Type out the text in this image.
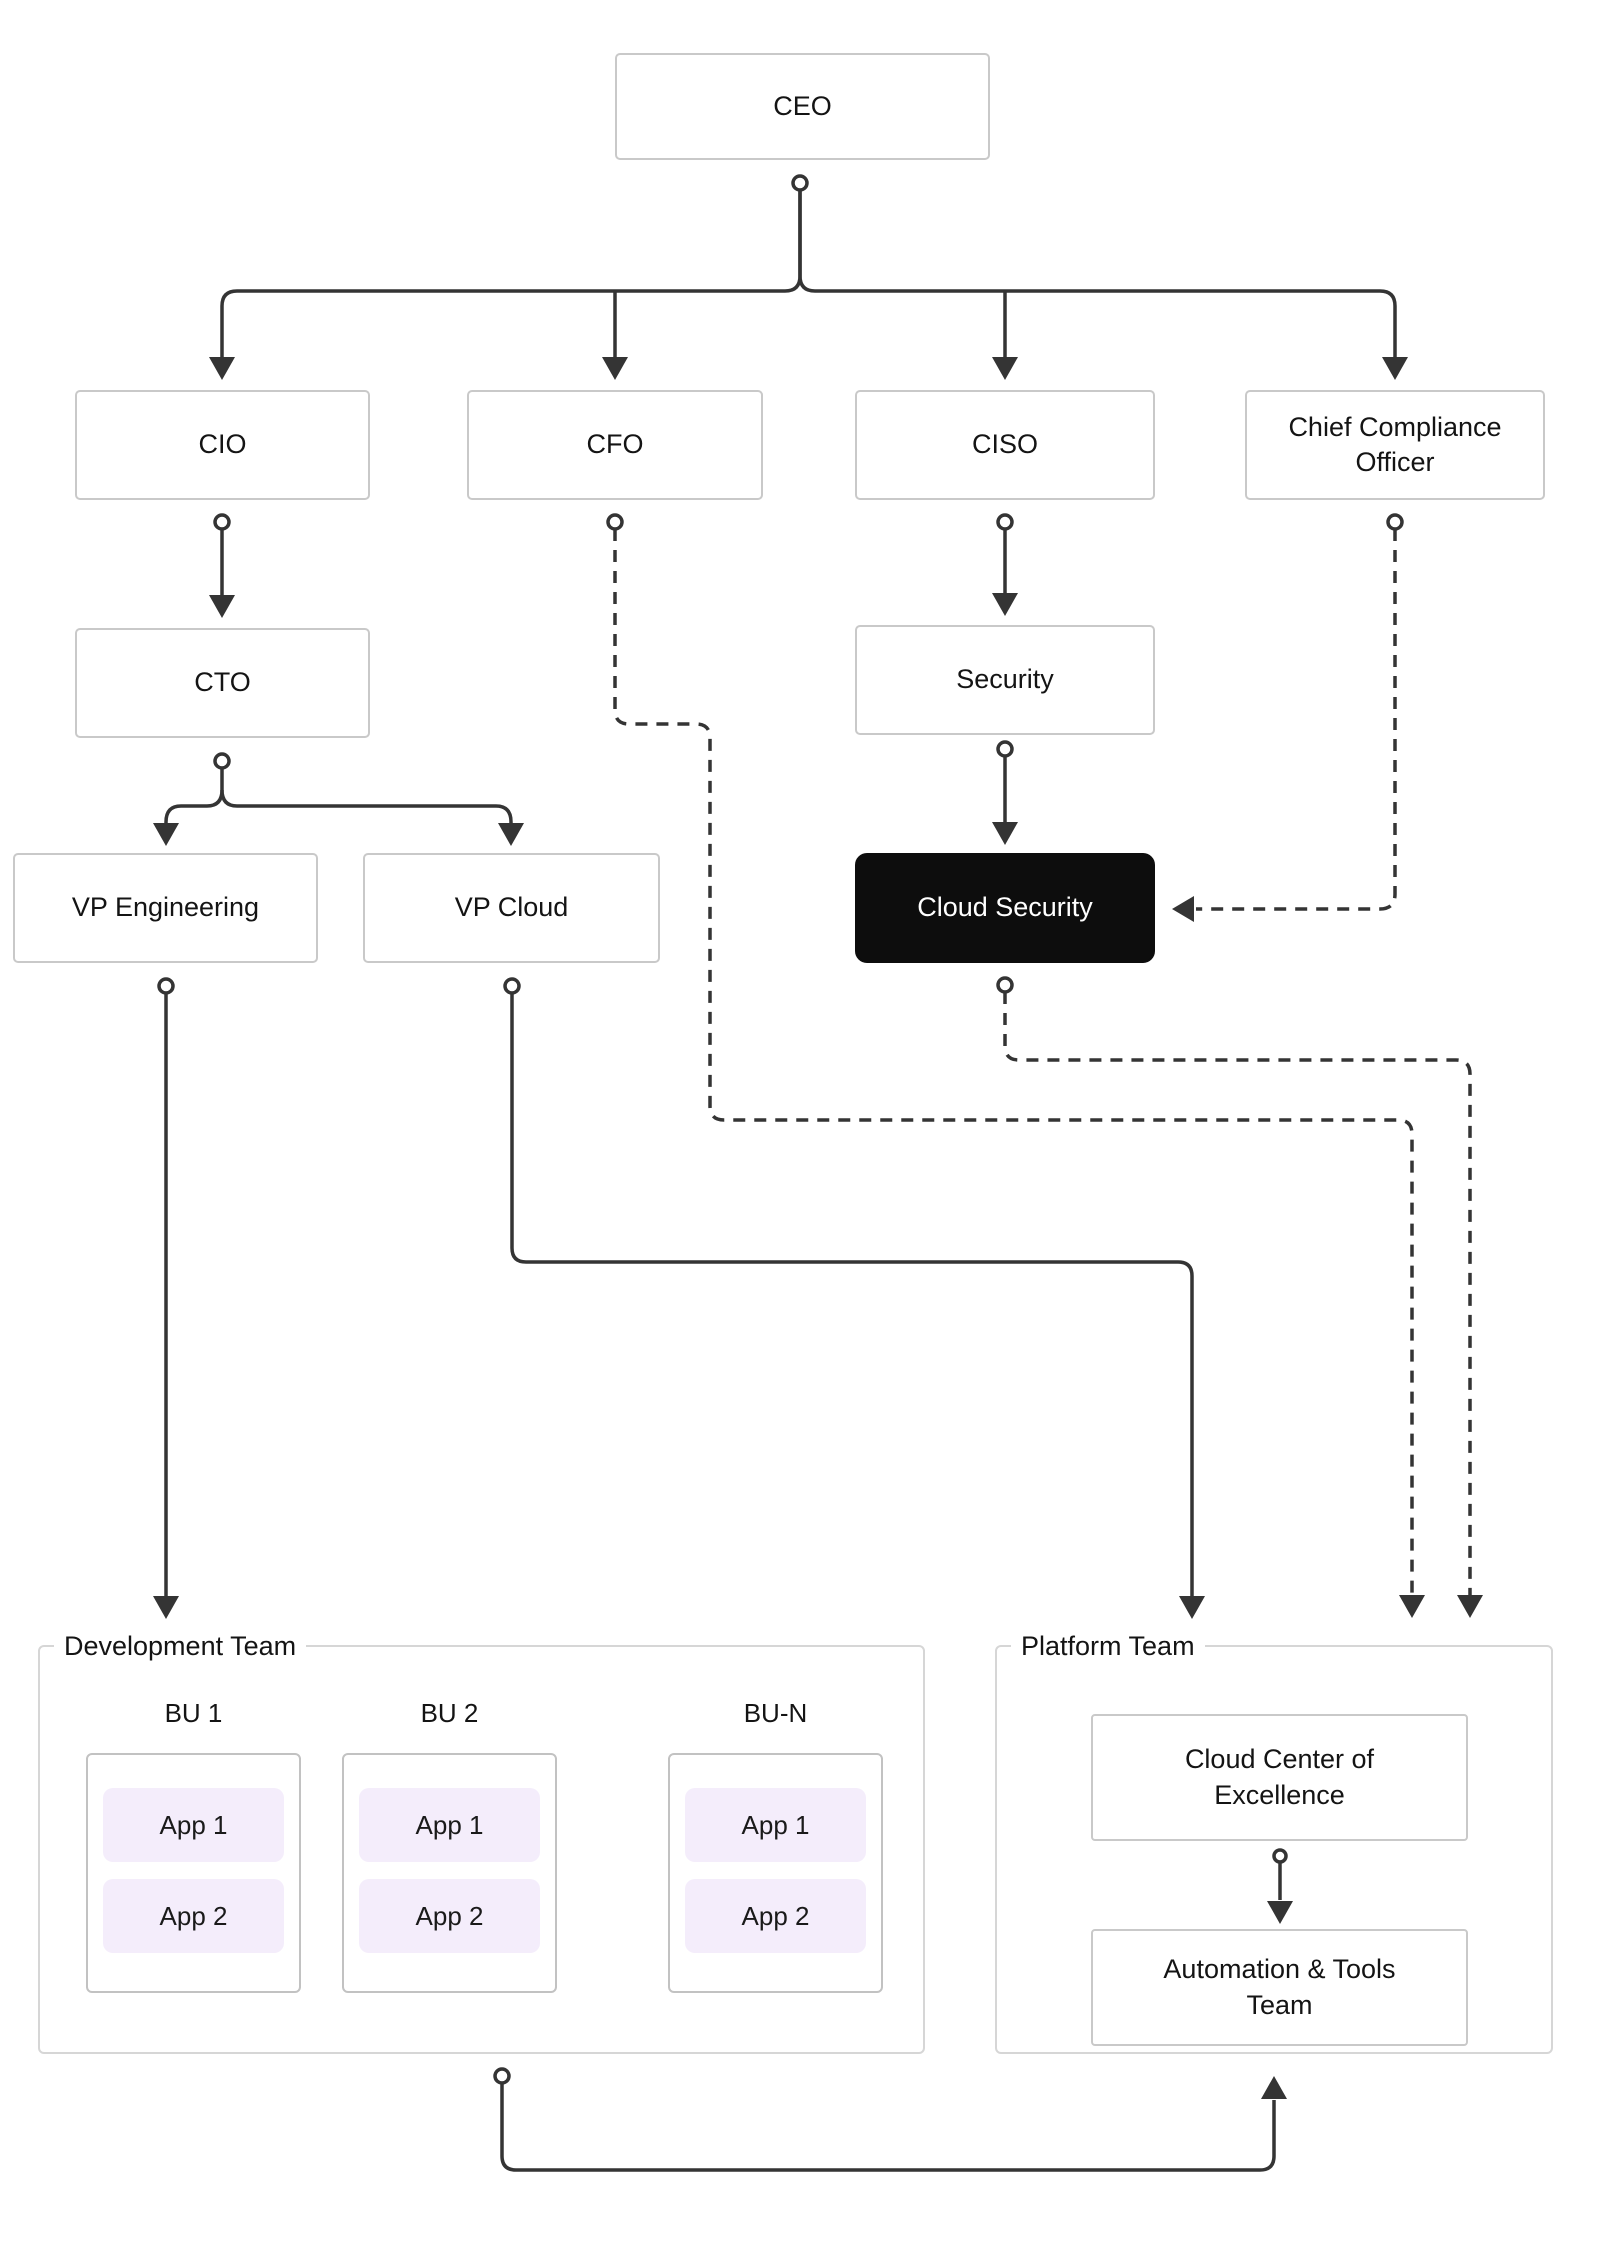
CEO
CIO	CFO	CISO
Chief Compliance Officer
CTO	Security
Cloud Security
VP Engineering	VP Cloud
Development Team
BU 1	BU 2	BU-N
App 1
App 2
App 1
App 2
App 1
App 2
Platform Team
Cloud Center of Excellence
Automation & Tools Team
